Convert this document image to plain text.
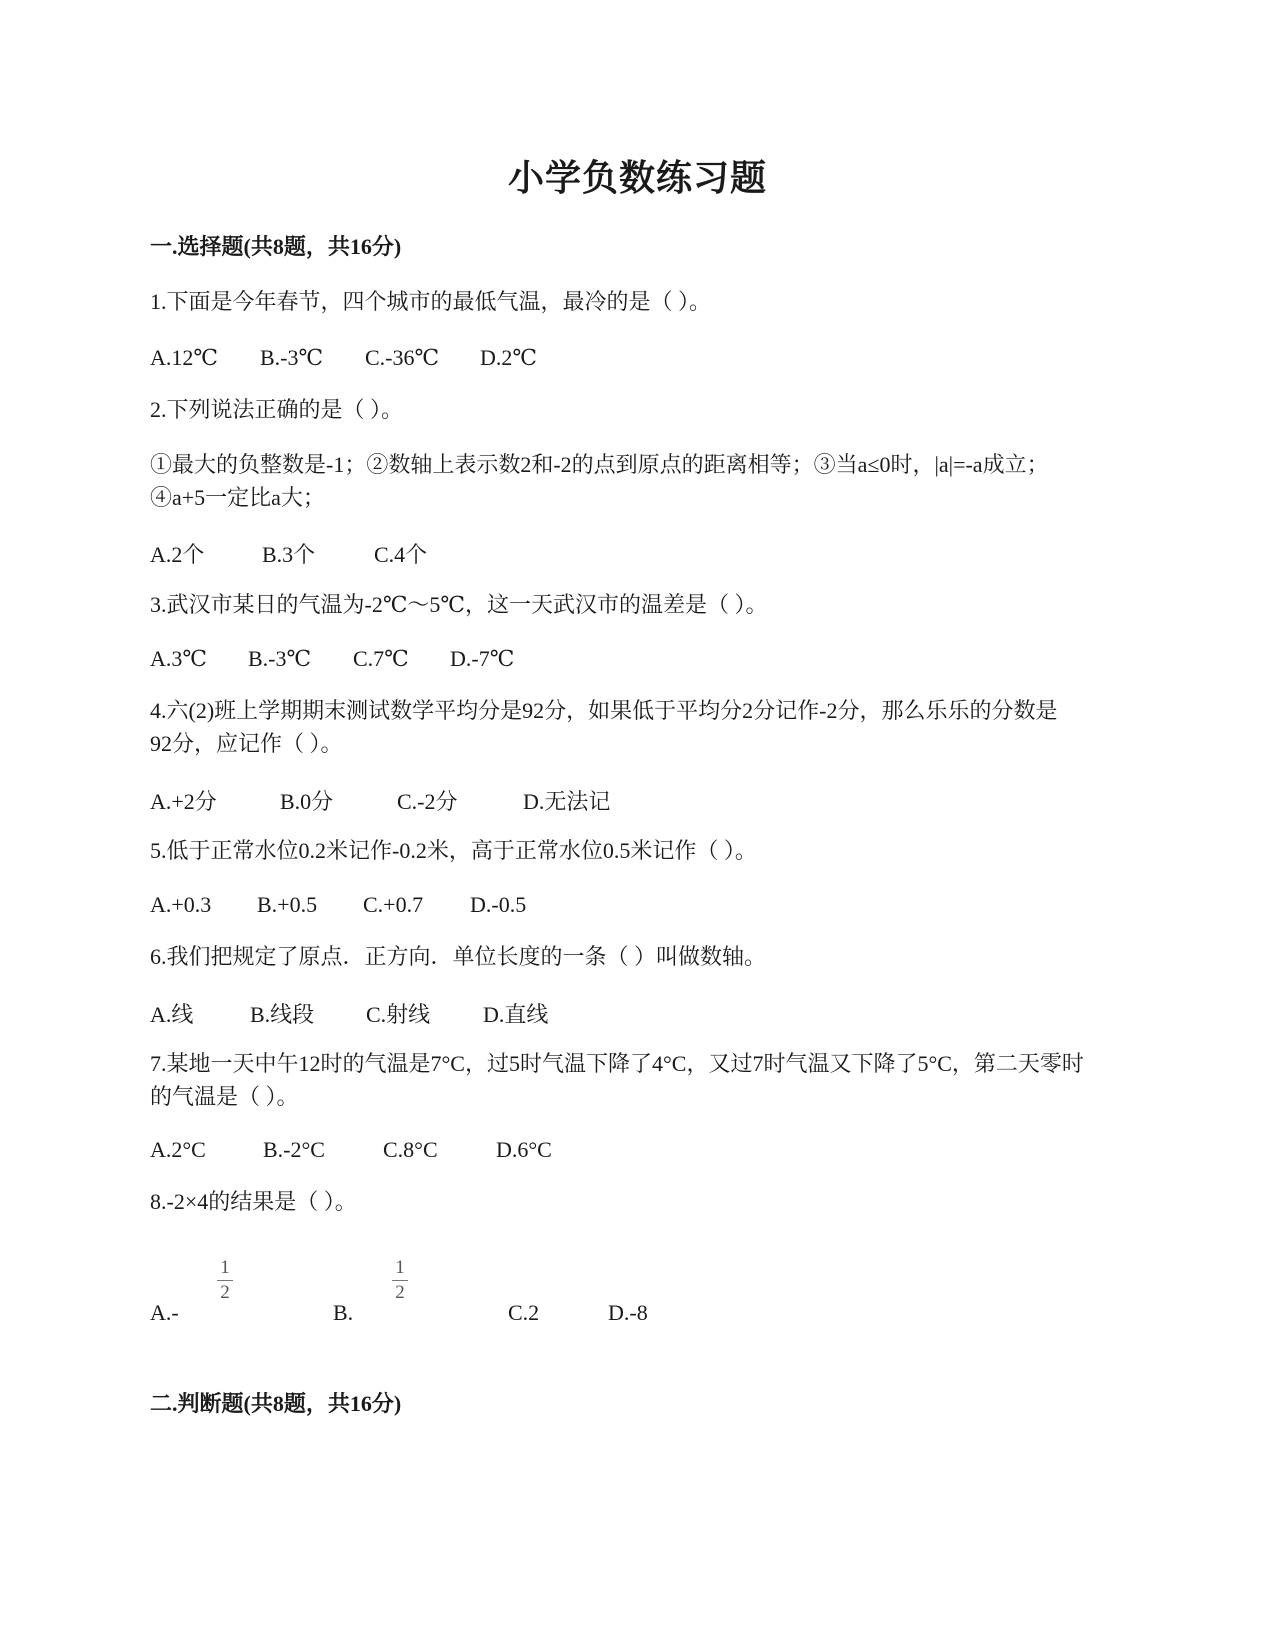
小学负数练习题
一.选择题(共8题，共16分)
1.下面是今年春节，四个城市的最低气温，最冷的是（ ）。
A.12℃ B.-3℃ C.-36℃ D.2℃
2.下列说法正确的是（ ）。
①最大的负整数是-1；②数轴上表示数2和-2的点到原点的距离相等；③当a≤0时，|a|=-a成立；④a+5一定比a大；
A.2个	B.3个	C.4个
3.武汉市某日的气温为-2℃～5℃，这一天武汉市的温差是（ ）。
A.3℃ B.-3℃ C.7℃ D.-7℃
4.六(2)班上学期期末测试数学平均分是92分，如果低于平均分2分记作-2分，那么乐乐的分数是92分，应记作（ ）。
A.+2分	B.0分	C.-2分	D.无法记
5.低于正常水位0.2米记作-0.2米，高于正常水位0.5米记作（ ）。
A.+0.3 B.+0.5 C.+0.7 D.-0.5
6.我们把规定了原点．正方向．单位长度的一条（ ）叫做数轴。
A.线	B.线段 C.射线 D.直线
7.某地一天中午12时的气温是7°C，过5时气温下降了4°C，又过7时气温又下降了5°C，第二天零时的气温是（ ）。
A.2°C	B.-2°C	C.8°C	D.6°C
8.-2×4的结果是（ ）。
1
2
1
2
A.-	B.	C.2	D.-8
二.判断题(共8题，共16分)
